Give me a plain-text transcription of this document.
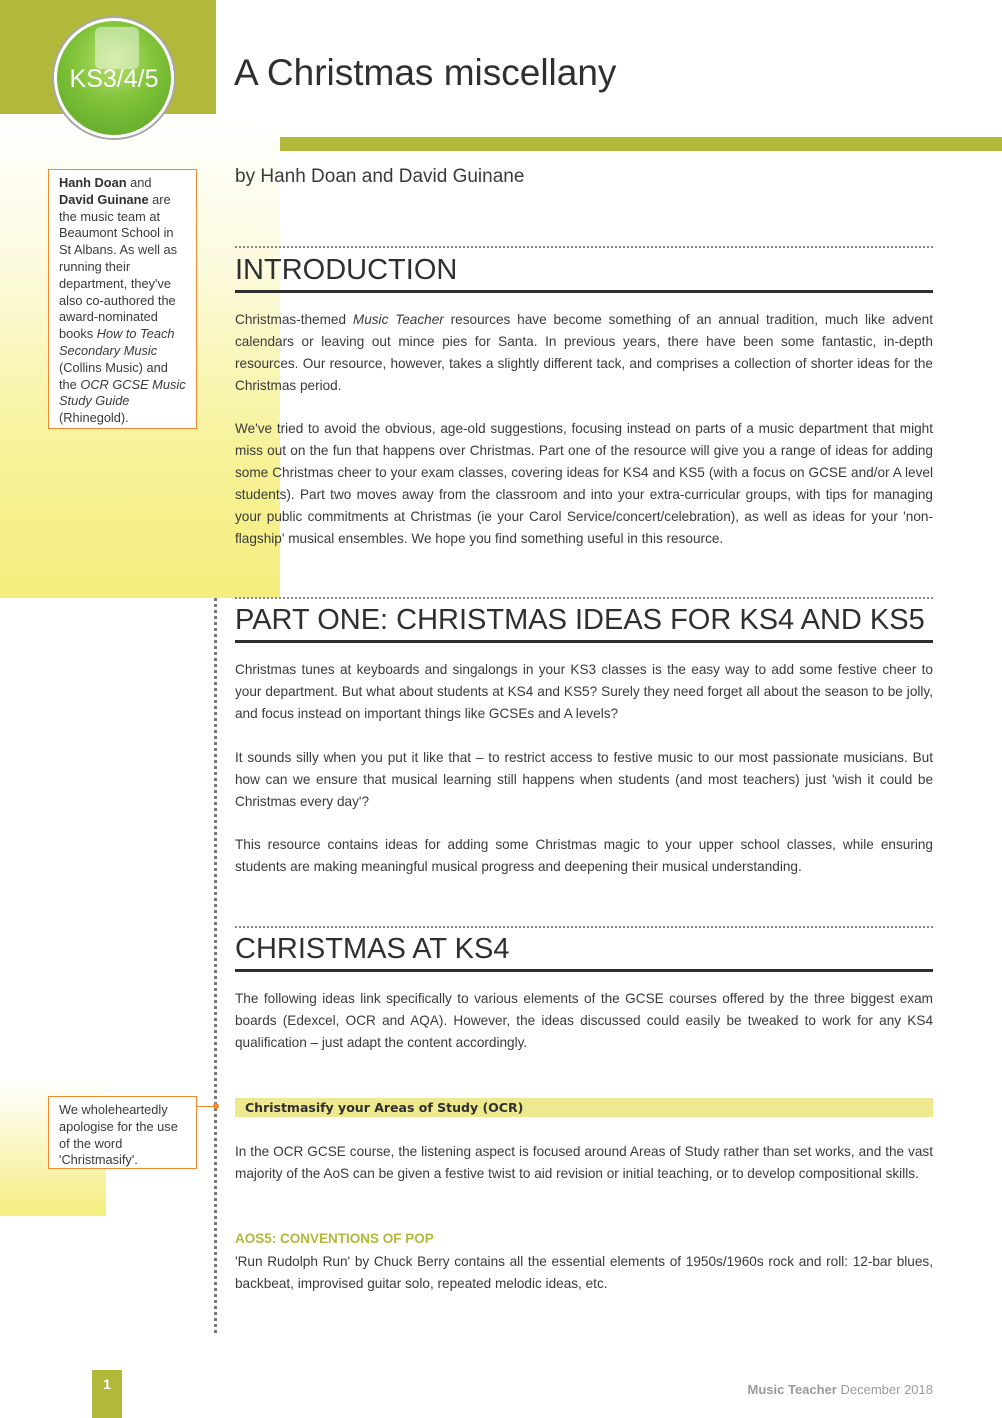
KS3/4/5	A Christmas miscellany
by Hanh Doan and David Guinane
Hanh Doan and David Guinane are the music team at Beaumont School in St Albans. As well as running their department, they've also co-authored the award-nominated books How to Teach Secondary Music (Collins Music) and the OCR GCSE Music Study Guide (Rhinegold).
INTRODUCTION
Christmas-themed Music Teacher resources have become something of an annual tradition, much like advent calendars or leaving out mince pies for Santa. In previous years, there have been some fantastic, in-depth resources. Our resource, however, takes a slightly different tack, and comprises a collection of shorter ideas for the Christmas period.
We've tried to avoid the obvious, age-old suggestions, focusing instead on parts of a music department that might miss out on the fun that happens over Christmas. Part one of the resource will give you a range of ideas for adding some Christmas cheer to your exam classes, covering ideas for KS4 and KS5 (with a focus on GCSE and/or A level students). Part two moves away from the classroom and into your extra-curricular groups, with tips for managing your public commitments at Christmas (ie your Carol Service/concert/celebration), as well as ideas for your 'non-flagship' musical ensembles. We hope you find something useful in this resource.
PART ONE: CHRISTMAS IDEAS FOR KS4 AND KS5
Christmas tunes at keyboards and singalongs in your KS3 classes is the easy way to add some festive cheer to your department. But what about students at KS4 and KS5? Surely they need forget all about the season to be jolly, and focus instead on important things like GCSEs and A levels?
It sounds silly when you put it like that – to restrict access to festive music to our most passionate musicians. But how can we ensure that musical learning still happens when students (and most teachers) just 'wish it could be Christmas every day'?
This resource contains ideas for adding some Christmas magic to your upper school classes, while ensuring students are making meaningful musical progress and deepening their musical understanding.
CHRISTMAS AT KS4
The following ideas link specifically to various elements of the GCSE courses offered by the three biggest exam boards (Edexcel, OCR and AQA). However, the ideas discussed could easily be tweaked to work for any KS4 qualification – just adapt the content accordingly.
Christmasify your Areas of Study (OCR)
We wholeheartedly apologise for the use of the word 'Christmasify'.
In the OCR GCSE course, the listening aspect is focused around Areas of Study rather than set works, and the vast majority of the AoS can be given a festive twist to aid revision or initial teaching, or to develop compositional skills.
AOS5: CONVENTIONS OF POP
'Run Rudolph Run' by Chuck Berry contains all the essential elements of 1950s/1960s rock and roll: 12-bar blues, backbeat, improvised guitar solo, repeated melodic ideas, etc.
1	Music Teacher December 2018
